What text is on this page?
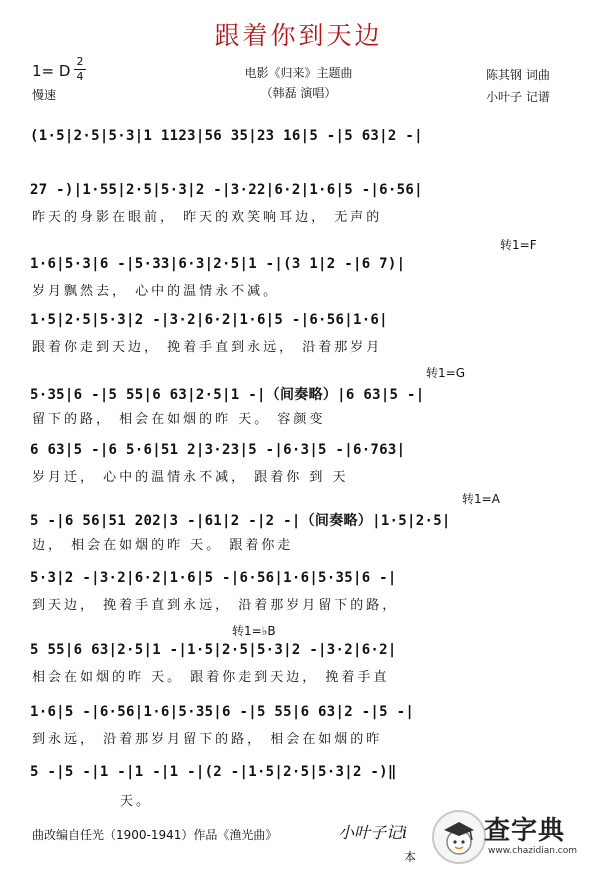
跟着你到天边
1= D
2
4
慢速
电影《归来》主题曲
（韩磊 演唱）
陈其钢 词曲
小叶子 记谱
(1·5|2·5|5·3|1 1123|56 35|23 16|5 -|5 63|2 -|
27 -)|1·55|2·5|5·3|2 -|3·22|6·2|1·6|5 -|6·56|
昨天的身影在眼前， 昨天的欢笑响耳边， 无声的
转1=F
1·6|5·3|6 -|5·33|6·3|2·5|1 -|(3 1|2 -|6 7)|
岁月飘然去， 心中的温情永不减。
1·5|2·5|5·3|2 -|3·2|6·2|1·6|5 -|6·56|1·6|
跟着你走到天边， 挽着手直到永远， 沿着那岁月
转1=G
5·35|6 -|5 55|6 63|2·5|1 -|（间奏略）|6 63|5 -|
留下的路， 相会在如烟的昨 天。 容颜变
6 63|5 -|6 5·6|51 2|3·23|5 -|6·3|5 -|6·763|
岁月迁， 心中的温情永不减， 跟着你 到 天
转1=A
5 -|6 56|51 202|3 -|61|2 -|2 -|（间奏略）|1·5|2·5|
边， 相会在如烟的昨 天。 跟着你走
5·3|2 -|3·2|6·2|1·6|5 -|6·56|1·6|5·35|6 -|
到天边， 挽着手直到永远， 沿着那岁月留下的路，
转1=♭B
5 55|6 63|2·5|1 -|1·5|2·5|5·3|2 -|3·2|6·2|
相会在如烟的昨 天。 跟着你走到天边， 挽着手直
1·6|5 -|6·56|1·6|5·35|6 -|5 55|6 63|2 -|5 -|
到永远， 沿着那岁月留下的路， 相会在如烟的昨
5 -|5 -|1 -|1 -|1 -|(2 -|1·5|2·5|5·3|2 -)‖
天。
曲改编自任光（1900-1941）作品《渔光曲》	小叶子记i
本
查字典
www.chazidian.com
